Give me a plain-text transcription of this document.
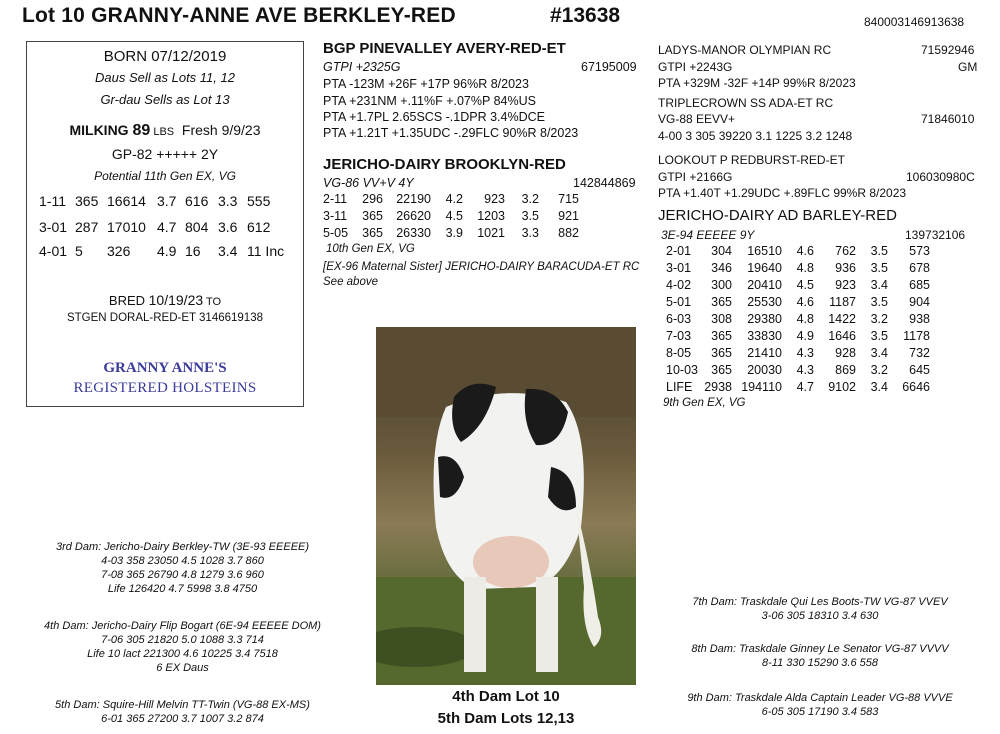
Lot 10 GRANNY-ANNE AVE BERKLEY-RED	#13638	840003146913638
BORN 07/12/2019
Daus Sell as Lots 11, 12
Gr-dau Sells as Lot 13
MILKING 89 LBS Fresh 9/9/23
GP-82 +++++ 2Y
Potential 11th Gen EX, VG
1-11 365 16614 3.7 616 3.3 555
3-01 287 17010 4.7 804 3.6 612
4-01 5 326 4.9 16 3.4 11 Inc
BRED 10/19/23 TO
STGEN DORAL-RED-ET 3146619138
GRANNY ANNE'S
REGISTERED HOLSTEINS
BGP PINEVALLEY AVERY-RED-ET
GTPI +2325G	67195009
PTA -123M +26F +17P 96%R 8/2023
PTA +231NM +.11%F +.07%P 84%US
PTA +1.7PL 2.65SCS -.1DPR 3.4%DCE
PTA +1.21T +1.35UDC -.29FLC 90%R 8/2023
JERICHO-DAIRY BROOKLYN-RED
VG-86 VV+V 4Y	142844869
2-11 296 22190 4.2 923 3.2 715
3-11 365 26620 4.5 1203 3.5 921
5-05 365 26330 3.9 1021 3.3 882
10th Gen EX, VG
[EX-96 Maternal Sister] JERICHO-DAIRY BARACUDA-ET RC
See above
LADYS-MANOR OLYMPIAN RC	71592946
GTPI +2243G	GM
PTA +329M -32F +14P 99%R 8/2023
TRIPLECROWN SS ADA-ET RC
VG-88 EEVV+	71846010
4-00 3 305 39220 3.1 1225 3.2 1248
LOOKOUT P REDBURST-RED-ET
GTPI +2166G	106030980C
PTA +1.40T +1.29UDC +.89FLC 99%R 8/2023
JERICHO-DAIRY AD BARLEY-RED
3E-94 EEEEE 9Y	139732106
2-01 304 16510 4.6 762 3.5 573
3-01 346 19640 4.8 936 3.5 678
4-02 300 20410 4.5 923 3.4 685
5-01 365 25530 4.6 1187 3.5 904
6-03 308 29380 4.8 1422 3.2 938
7-03 365 33830 4.9 1646 3.5 1178
8-05 365 21410 4.3 928 3.4 732
10-03 365 20030 4.3 869 3.2 645
LIFE 2938 194110 4.7 9102 3.4 6646
9th Gen EX, VG
4th Dam Lot 10
5th Dam Lots 12,13
3rd Dam: Jericho-Dairy Berkley-TW (3E-93 EEEEE)
4-03 358 23050 4.5 1028 3.7 860
7-08 365 26790 4.8 1279 3.6 960
Life 126420 4.7 5998 3.8 4750
4th Dam: Jericho-Dairy Flip Bogart (6E-94 EEEEE DOM)
7-06 305 21820 5.0 1088 3.3 714
Life 10 lact 221300 4.6 10225 3.4 7518
6 EX Daus
5th Dam: Squire-Hill Melvin TT-Twin (VG-88 EX-MS)
6-01 365 27200 3.7 1007 3.2 874
7th Dam: Traskdale Qui Les Boots-TW VG-87 VVEV
3-06 305 18310 3.4 630
8th Dam: Traskdale Ginney Le Senator VG-87 VVVV
8-11 330 15290 3.6 558
9th Dam: Traskdale Alda Captain Leader VG-88 VVVE
6-05 305 17190 3.4 583
